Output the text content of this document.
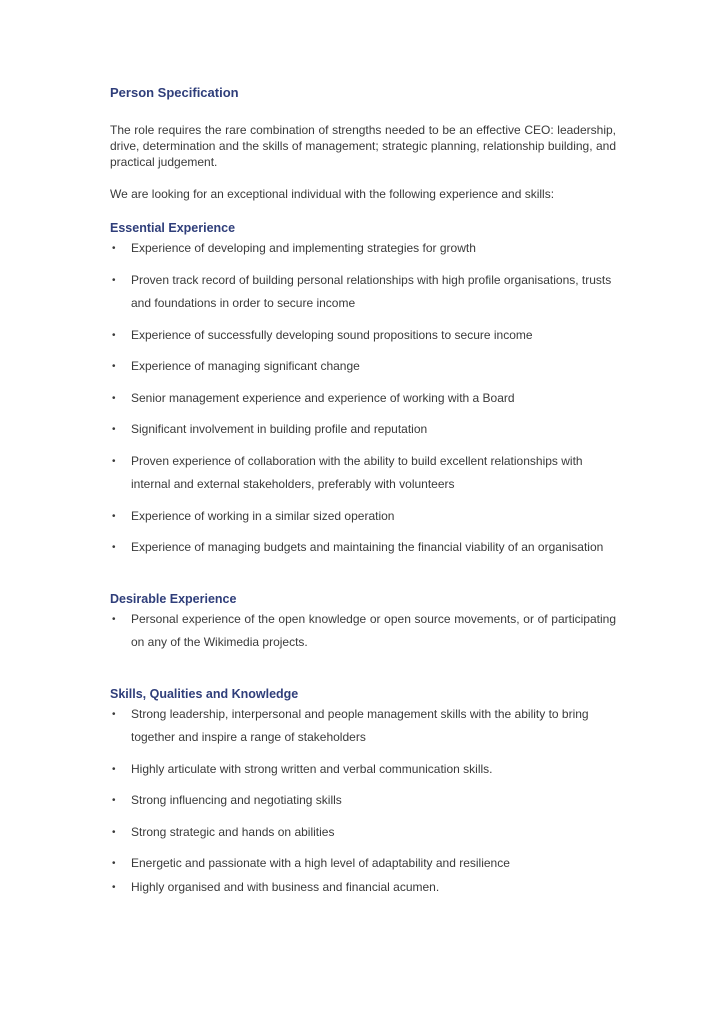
Person Specification

The role requires the rare combination of strengths needed to be an effective CEO: leadership, drive, determination and the skills of management; strategic planning, relationship building, and practical judgement.

We are looking for an exceptional individual with the following experience and skills:

Essential Experience
• Experience of developing and implementing strategies for growth
• Proven track record of building personal relationships with high profile organisations, trusts and foundations in order to secure income
• Experience of successfully developing sound propositions to secure income
• Experience of managing significant change
• Senior management experience and experience of working with a Board
• Significant involvement in building profile and reputation
• Proven experience of collaboration with the ability to build excellent relationships with internal and external stakeholders, preferably with volunteers
• Experience of working in a similar sized operation
• Experience of managing budgets and maintaining the financial viability of an organisation
Desirable Experience
• Personal experience of the open knowledge or open source movements, or of participating on any of the Wikimedia projects.
Skills, Qualities and Knowledge
• Strong leadership, interpersonal and people management skills with the ability to bring together and inspire a range of stakeholders
• Highly articulate with strong written and verbal communication skills.
• Strong influencing and negotiating skills
• Strong strategic and hands on abilities
• Energetic and passionate with a high level of adaptability and resilience
• Highly organised and with business and financial acumen.
